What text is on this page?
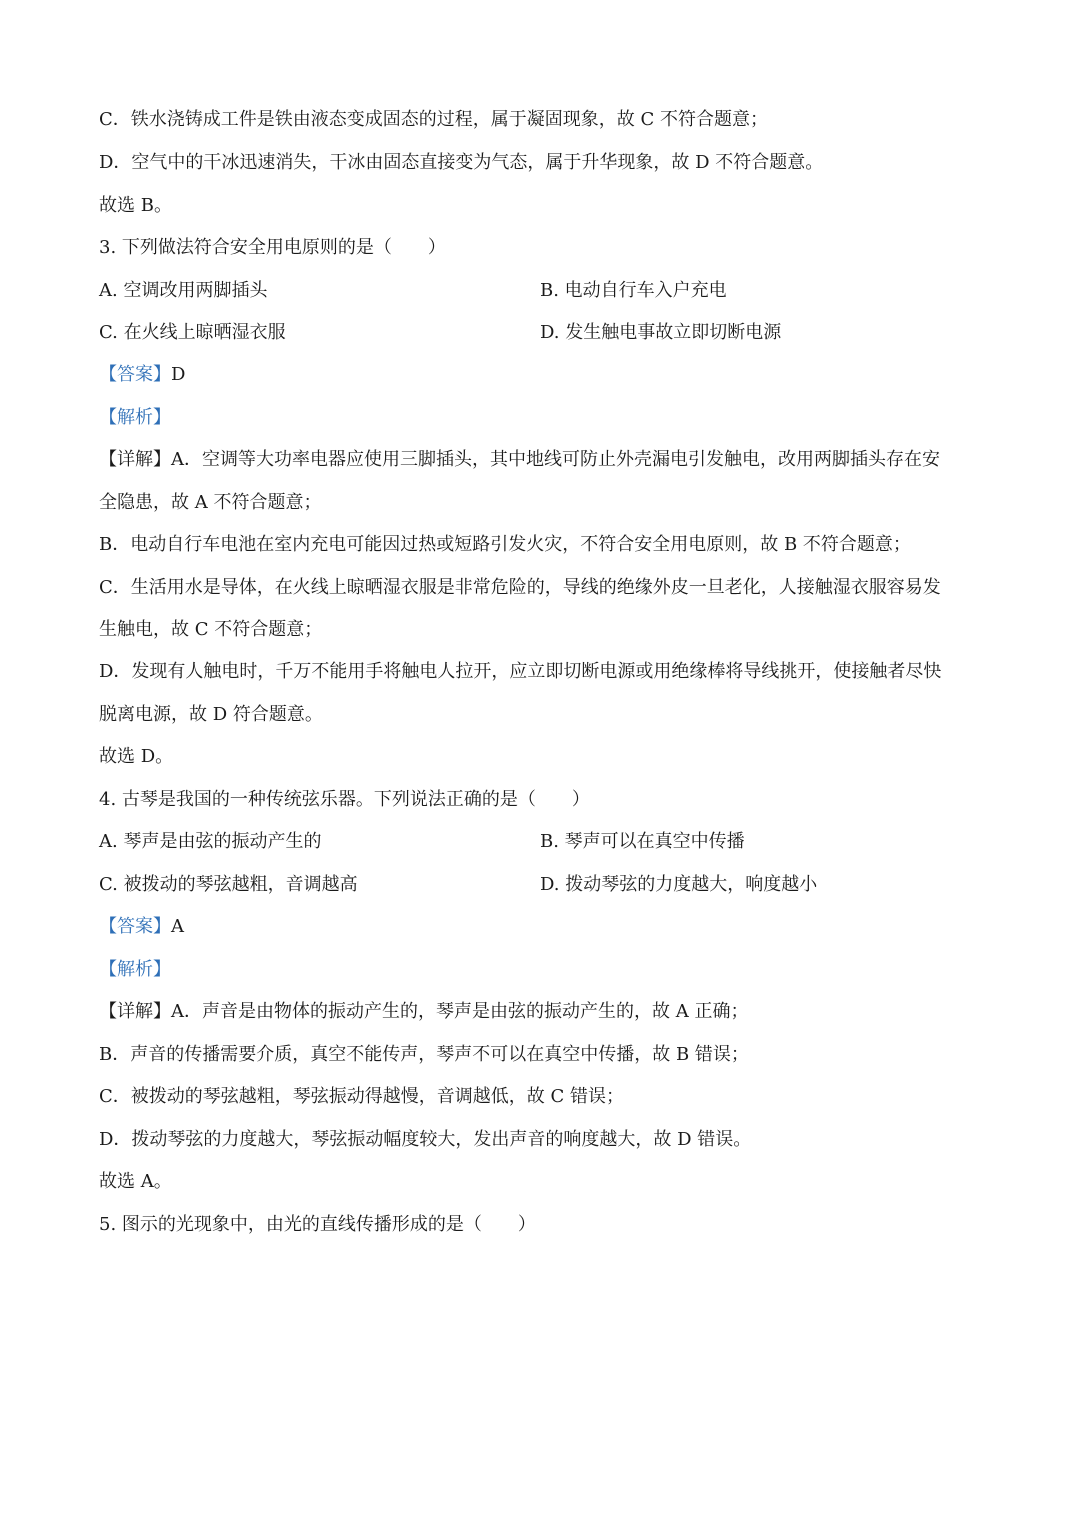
C．铁水浇铸成工件是铁由液态变成固态的过程，属于凝固现象，故 C 不符合题意；
D．空气中的干冰迅速消失，干冰由固态直接变为气态，属于升华现象，故 D 不符合题意。
故选 B。
3. 下列做法符合安全用电原则的是（　　）
A. 空调改用两脚插头	B. 电动自行车入户充电
C. 在火线上晾晒湿衣服	D. 发生触电事故立即切断电源
【答案】D
【解析】
【详解】A．空调等大功率电器应使用三脚插头，其中地线可防止外壳漏电引发触电，改用两脚插头存在安
全隐患，故 A 不符合题意；
B．电动自行车电池在室内充电可能因过热或短路引发火灾，不符合安全用电原则，故 B 不符合题意；
C．生活用水是导体，在火线上晾晒湿衣服是非常危险的，导线的绝缘外皮一旦老化，人接触湿衣服容易发
生触电，故 C 不符合题意；
D．发现有人触电时，千万不能用手将触电人拉开，应立即切断电源或用绝缘棒将导线挑开，使接触者尽快
脱离电源，故 D 符合题意。
故选 D。
4. 古琴是我国的一种传统弦乐器。下列说法正确的是（　　）
A. 琴声是由弦的振动产生的	B. 琴声可以在真空中传播
C. 被拨动的琴弦越粗，音调越高	D. 拨动琴弦的力度越大，响度越小
【答案】A
【解析】
【详解】A．声音是由物体的振动产生的，琴声是由弦的振动产生的，故 A 正确；
B．声音的传播需要介质，真空不能传声，琴声不可以在真空中传播，故 B 错误；
C．被拨动的琴弦越粗，琴弦振动得越慢，音调越低，故 C 错误；
D．拨动琴弦的力度越大，琴弦振动幅度较大，发出声音的响度越大，故 D 错误。
故选 A。
5. 图示的光现象中，由光的直线传播形成的是（　　）
